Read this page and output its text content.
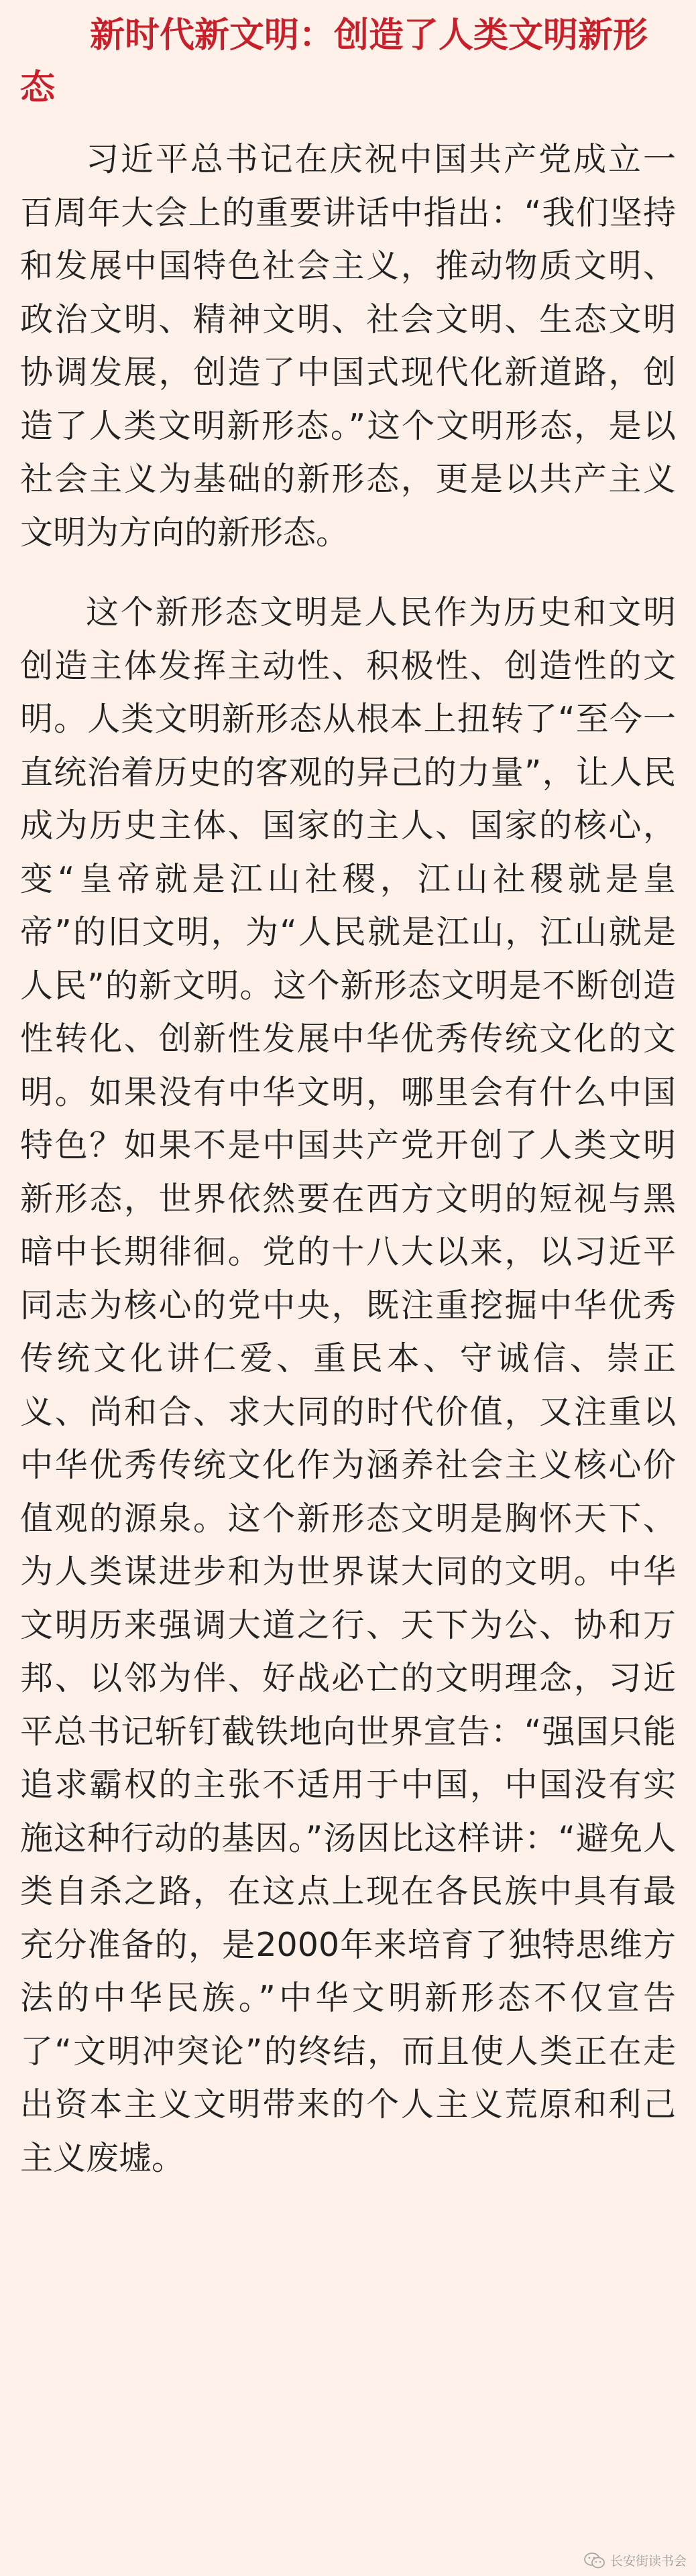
新时代新文明：创造了人类文明新形态

习近平总书记在庆祝中国共产党成立一百周年大会上的重要讲话中指出：“我们坚持和发展中国特色社会主义，推动物质文明、政治文明、精神文明、社会文明、生态文明协调发展，创造了中国式现代化新道路，创造了人类文明新形态。”这个文明形态，是以社会主义为基础的新形态，更是以共产主义文明为方向的新形态。

这个新形态文明是人民作为历史和文明创造主体发挥主动性、积极性、创造性的文明。人类文明新形态从根本上扭转了“至今一直统治着历史的客观的异己的力量”，让人民成为历史主体、国家的主人、国家的核心，变“皇帝就是江山社稷，江山社稷就是皇帝”的旧文明，为“人民就是江山，江山就是人民”的新文明。这个新形态文明是不断创造性转化、创新性发展中华优秀传统文化的文明。如果没有中华文明，哪里会有什么中国特色？如果不是中国共产党开创了人类文明新形态，世界依然要在西方文明的短视与黑暗中长期徘徊。党的十八大以来，以习近平同志为核心的党中央，既注重挖掘中华优秀传统文化讲仁爱、重民本、守诚信、崇正义、尚和合、求大同的时代价值，又注重以中华优秀传统文化作为涵养社会主义核心价值观的源泉。这个新形态文明是胸怀天下、为人类谋进步和为世界谋大同的文明。中华文明历来强调大道之行、天下为公、协和万邦、以邻为伴、好战必亡的文明理念，习近平总书记斩钉截铁地向世界宣告：“强国只能追求霸权的主张不适用于中国，中国没有实施这种行动的基因。”汤因比这样讲：“避免人类自杀之路，在这点上现在各民族中具有最充分准备的，是2000年来培育了独特思维方法的中华民族。”中华文明新形态不仅宣告了“文明冲突论”的终结，而且使人类正在走出资本主义文明带来的个人主义荒原和利己主义废墟。

长安街读书会
